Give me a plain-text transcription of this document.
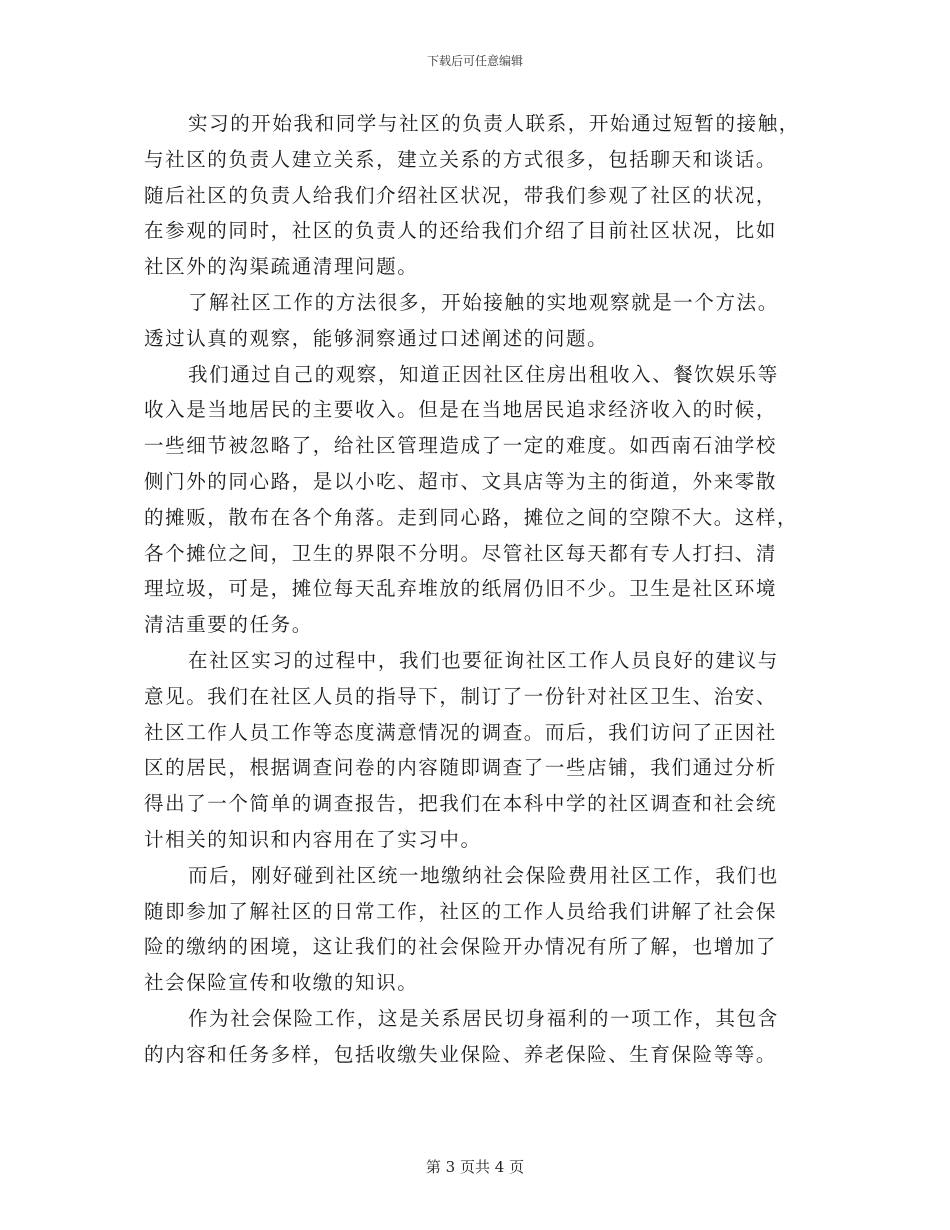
下载后可任意编辑
实习的开始我和同学与社区的负责人联系，开始通过短暂的接触，
与社区的负责人建立关系，建立关系的方式很多，包括聊天和谈话。
随后社区的负责人给我们介绍社区状况，带我们参观了社区的状况，
在参观的同时，社区的负责人的还给我们介绍了目前社区状况，比如
社区外的沟渠疏通清理问题。
了解社区工作的方法很多，开始接触的实地观察就是一个方法。
透过认真的观察，能够洞察通过口述阐述的问题。
我们通过自己的观察，知道正因社区住房出租收入、餐饮娱乐等
收入是当地居民的主要收入。但是在当地居民追求经济收入的时候，
一些细节被忽略了，给社区管理造成了一定的难度。如西南石油学校
侧门外的同心路，是以小吃、超市、文具店等为主的街道，外来零散
的摊贩，散布在各个角落。走到同心路，摊位之间的空隙不大。这样，
各个摊位之间，卫生的界限不分明。尽管社区每天都有专人打扫、清
理垃圾，可是，摊位每天乱弃堆放的纸屑仍旧不少。卫生是社区环境
清洁重要的任务。
在社区实习的过程中，我们也要征询社区工作人员良好的建议与
意见。我们在社区人员的指导下，制订了一份针对社区卫生、治安、
社区工作人员工作等态度满意情况的调查。而后，我们访问了正因社
区的居民，根据调查问卷的内容随即调查了一些店铺，我们通过分析
得出了一个简单的调查报告，把我们在本科中学的社区调查和社会统
计相关的知识和内容用在了实习中。
而后，刚好碰到社区统一地缴纳社会保险费用社区工作，我们也
随即参加了解社区的日常工作，社区的工作人员给我们讲解了社会保
险的缴纳的困境，这让我们的社会保险开办情况有所了解，也增加了
社会保险宣传和收缴的知识。
作为社会保险工作，这是关系居民切身福利的一项工作，其包含
的内容和任务多样，包括收缴失业保险、养老保险、生育保险等等。
第 3 页共 4 页
